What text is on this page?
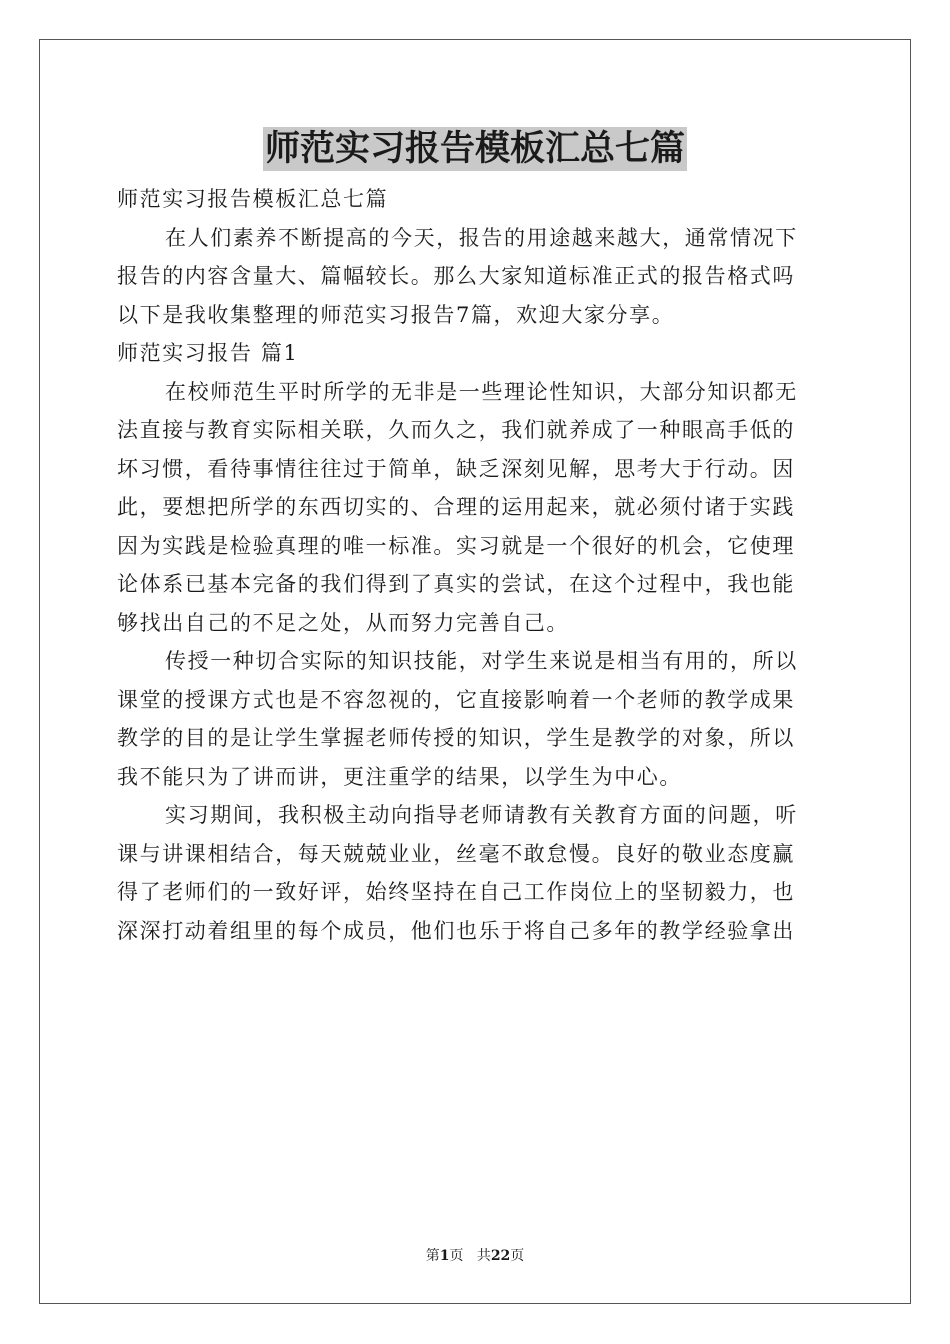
师范实习报告模板汇总七篇

师范实习报告模板汇总七篇

在人们素养不断提高的今天，报告的用途越来越大，通常情况下

报告的内容含量大、篇幅较长。那么大家知道标准正式的报告格式吗

以下是我收集整理的师范实习报告7篇，欢迎大家分享。

师范实习报告 篇1

在校师范生平时所学的无非是一些理论性知识，大部分知识都无

法直接与教育实际相关联，久而久之，我们就养成了一种眼高手低的

坏习惯，看待事情往往过于简单，缺乏深刻见解，思考大于行动。因

此，要想把所学的东西切实的、合理的运用起来，就必须付诸于实践

因为实践是检验真理的唯一标准。实习就是一个很好的机会，它使理

论体系已基本完备的我们得到了真实的尝试，在这个过程中，我也能

够找出自己的不足之处，从而努力完善自己。

传授一种切合实际的知识技能，对学生来说是相当有用的，所以

课堂的授课方式也是不容忽视的，它直接影响着一个老师的教学成果

教学的目的是让学生掌握老师传授的知识，学生是教学的对象，所以

我不能只为了讲而讲，更注重学的结果，以学生为中心。

实习期间，我积极主动向指导老师请教有关教育方面的问题，听

课与讲课相结合，每天兢兢业业，丝毫不敢怠慢。良好的敬业态度赢

得了老师们的一致好评，始终坚持在自己工作岗位上的坚韧毅力，也

深深打动着组里的每个成员，他们也乐于将自己多年的教学经验拿出

第1页 共22页
